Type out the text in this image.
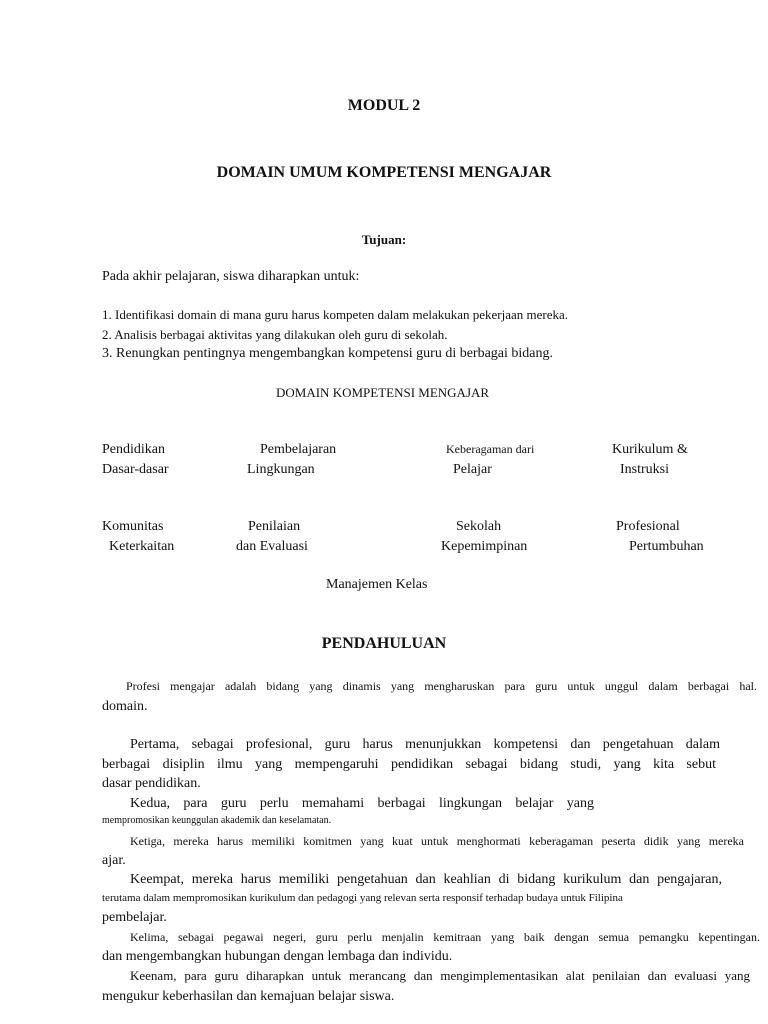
MODUL 2
DOMAIN UMUM KOMPETENSI MENGAJAR
Tujuan:
Pada akhir pelajaran, siswa diharapkan untuk:
1. Identifikasi domain di mana guru harus kompeten dalam melakukan pekerjaan mereka.
2. Analisis berbagai aktivitas yang dilakukan oleh guru di sekolah.
3. Renungkan pentingnya mengembangkan kompetensi guru di berbagai bidang.
DOMAIN KOMPETENSI MENGAJAR
Pendidikan
Dasar-dasar
Pembelajaran
Lingkungan
Keberagaman dari
Pelajar
Kurikulum &
Instruksi
Komunitas
Keterkaitan
Penilaian
dan Evaluasi
Sekolah
Kepemimpinan
Profesional
Pertumbuhan
Manajemen Kelas
PENDAHULUAN
Profesi mengajar adalah bidang yang dinamis yang mengharuskan para guru untuk unggul dalam berbagai hal.
domain.
Pertama, sebagai profesional, guru harus menunjukkan kompetensi dan pengetahuan dalam
berbagai disiplin ilmu yang mempengaruhi pendidikan sebagai bidang studi, yang kita sebut
dasar pendidikan.
Kedua, para guru perlu memahami berbagai lingkungan belajar yang
mempromosikan keunggulan akademik dan keselamatan.
Ketiga, mereka harus memiliki komitmen yang kuat untuk menghormati keberagaman peserta didik yang mereka
ajar.
Keempat, mereka harus memiliki pengetahuan dan keahlian di bidang kurikulum dan pengajaran,
terutama dalam mempromosikan kurikulum dan pedagogi yang relevan serta responsif terhadap budaya untuk Filipina
pembelajar.
Kelima, sebagai pegawai negeri, guru perlu menjalin kemitraan yang baik dengan semua pemangku kepentingan.
dan mengembangkan hubungan dengan lembaga dan individu.
Keenam, para guru diharapkan untuk merancang dan mengimplementasikan alat penilaian dan evaluasi yang
mengukur keberhasilan dan kemajuan belajar siswa.
